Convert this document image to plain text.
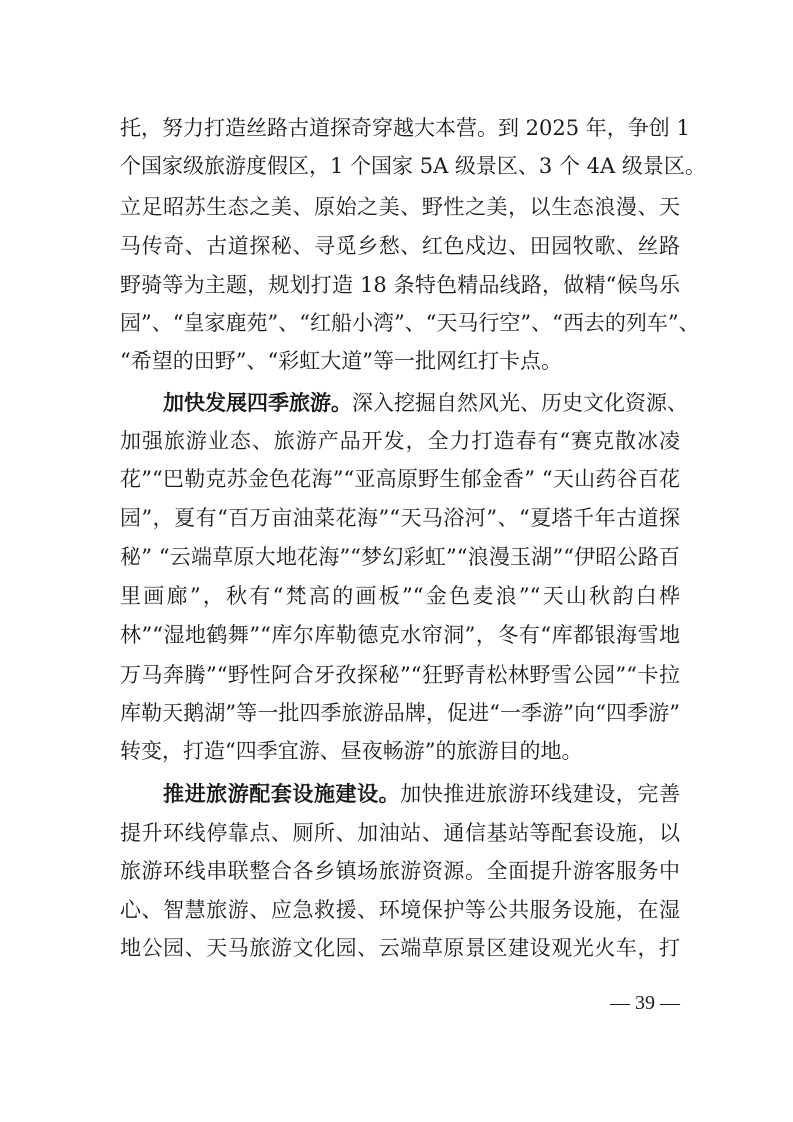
托，努力打造丝路古道探奇穿越大本营。到 2025 年，争创 1
个国家级旅游度假区，1 个国家 5A 级景区、3 个 4A 级景区。
立足昭苏生态之美、原始之美、野性之美，以生态浪漫、天
马传奇、古道探秘、寻觅乡愁、红色戍边、田园牧歌、丝路
野骑等为主题，规划打造 18 条特色精品线路，做精“候鸟乐
园”、“皇家鹿苑”、“红船小湾”、“天马行空”、“西去的列车”、
“希望的田野”、“彩虹大道”等一批网红打卡点。
加快发展四季旅游。深入挖掘自然风光、历史文化资源、
加强旅游业态、旅游产品开发，全力打造春有“赛克散冰凌
花”“巴勒克苏金色花海”“亚高原野生郁金香” “天山药谷百花
园”，夏有“百万亩油菜花海”“天马浴河”、“夏塔千年古道探
秘” “云端草原大地花海”“梦幻彩虹”“浪漫玉湖”“伊昭公路百
里画廊”，秋有“梵高的画板”“金色麦浪”“天山秋韵白桦
林”“湿地鹤舞”“库尔库勒德克水帘洞”，冬有“库都银海雪地
万马奔腾”“野性阿合牙孜探秘”“狂野青松林野雪公园”“卡拉
库勒天鹅湖”等一批四季旅游品牌，促进“一季游”向“四季游”
转变，打造“四季宜游、昼夜畅游”的旅游目的地。
推进旅游配套设施建设。加快推进旅游环线建设，完善
提升环线停靠点、厕所、加油站、通信基站等配套设施，以
旅游环线串联整合各乡镇场旅游资源。全面提升游客服务中
心、智慧旅游、应急救援、环境保护等公共服务设施，在湿
地公园、天马旅游文化园、云端草原景区建设观光火车，打
— 39 —
